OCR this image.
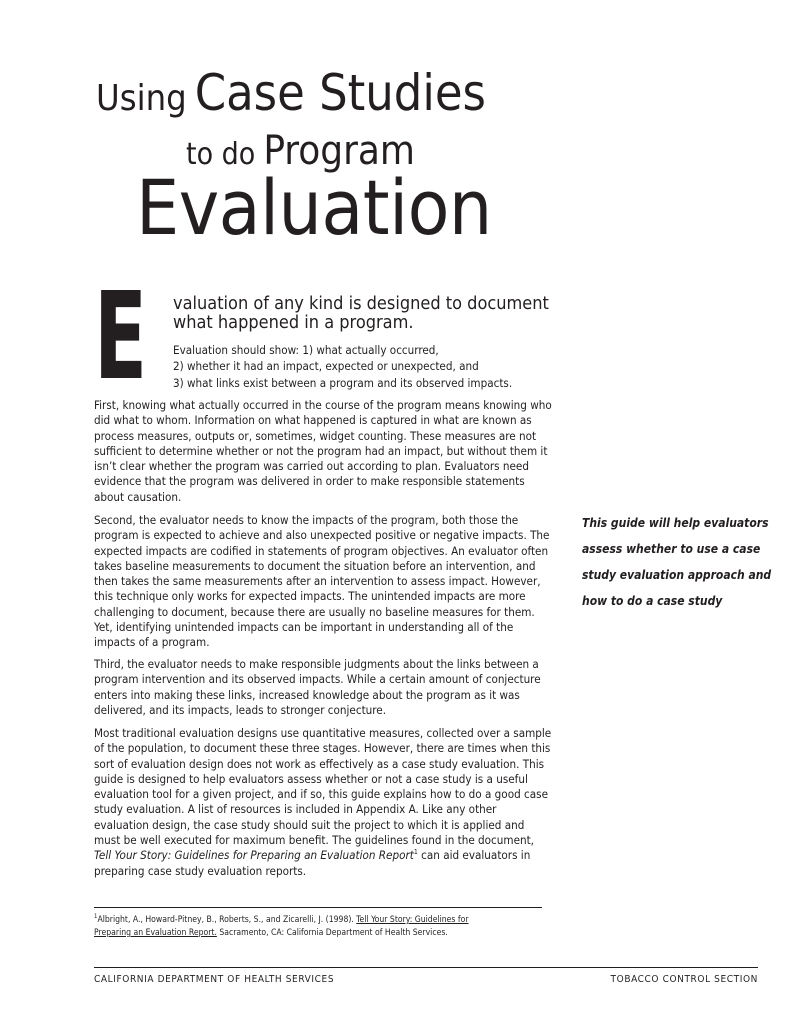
Using Case Studies
to do Program
Evaluation
E valuation of any kind is designed to document what happened in a program.
Evaluation should show: 1) what actually occurred,
2) whether it had an impact, expected or unexpected, and
3) what links exist between a program and its observed impacts.

First, knowing what actually occurred in the course of the program means knowing who did what to whom. Information on what happened is captured in what are known as process measures, outputs or, sometimes, widget counting. These measures are not sufficient to determine whether or not the program had an impact, but without them it isn’t clear whether the program was carried out according to plan. Evaluators need evidence that the program was delivered in order to make responsible statements about causation.

Second, the evaluator needs to know the impacts of the program, both those the program is expected to achieve and also unexpected positive or negative impacts. The expected impacts are codified in statements of program objectives. An evaluator often takes baseline measurements to document the situation before an intervention, and then takes the same measurements after an intervention to assess impact. However, this technique only works for expected impacts. The unintended impacts are more challenging to document, because there are usually no baseline measures for them. Yet, identifying unintended impacts can be important in understanding all of the impacts of a program.

Third, the evaluator needs to make responsible judgments about the links between a program intervention and its observed impacts. While a certain amount of conjecture enters into making these links, increased knowledge about the program as it was delivered, and its impacts, leads to stronger conjecture.

Most traditional evaluation designs use quantitative measures, collected over a sample of the population, to document these three stages. However, there are times when this sort of evaluation design does not work as effectively as a case study evaluation. This guide is designed to help evaluators assess whether or not a case study is a useful evaluation tool for a given project, and if so, this guide explains how to do a good case study evaluation. A list of resources is included in Appendix A. Like any other evaluation design, the case study should suit the project to which it is applied and must be well executed for maximum benefit. The guidelines found in the document, Tell Your Story: Guidelines for Preparing an Evaluation Report$^1$ can aid evaluators in preparing case study evaluation reports.

This guide will help evaluators assess whether to use a case study evaluation approach and how to do a case study
$^1$Albright, A., Howard-Pitney, B., Roberts, S., and Zicarelli, J. (1998). Tell Your Story: Guidelines for
Preparing an Evaluation Report. Sacramento, CA: California Department of Health Services.
CALIFORNIA DEPARTMENT OF HEALTH SERVICES	TOBACCO CONTROL SECTION
